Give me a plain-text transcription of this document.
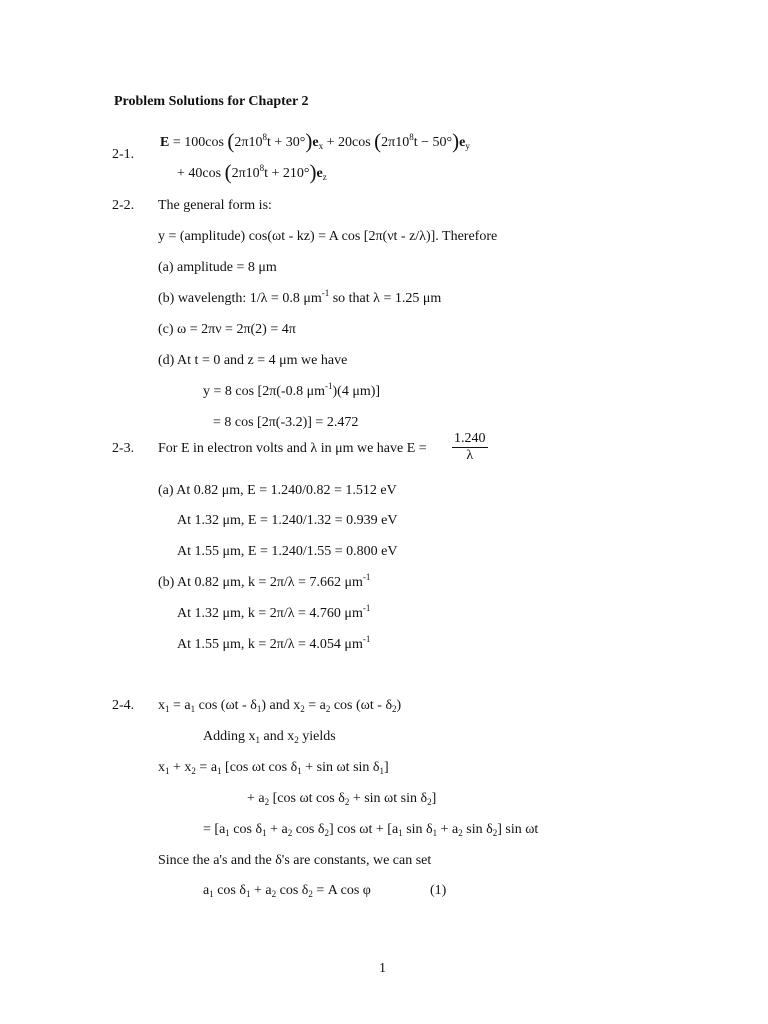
Problem Solutions for Chapter 2
2-1.
E = 100cos $(2\pi 10^8t + 30^\circ)e_x + 20\cos$ $(2\pi 10^8t - 50^\circ)e_y$
+ 40cos $(2\pi 10^8t + 210^\circ)e_z$
2-2. The general form is:
y = (amplitude) cos(ωt - kz) = A cos [2π(νt - z/λ)]. Therefore
(a) amplitude = 8 μm
(b) wavelength: 1/λ = 0.8 $\mu m^{-1}$ so that λ = 1.25 μm
(c) ω = 2πν = 2π(2) = 4π
(d) At t = 0 and z = 4 μm we have
y = 8 cos [2π(-0.8 $\mu m^{-1})(4$ μm)]
= 8 cos [2π(-3.2)] = 2.472
2-3. For E in electron volts and λ in μm we have $E = \frac{1.240}{\lambda}$
(a) At 0.82 μm, E = 1.240/0.82 = 1.512 eV
At 1.32 μm, E = 1.240/1.32 = 0.939 eV
At 1.55 μm, E = 1.240/1.55 = 0.800 eV
(b) At 0.82 μm, k = 2π/λ = 7.662 $\mu m^{-1}$
At 1.32 μm, k = 2π/λ = 4.760 $\mu m^{-1}$
At 1.55 μm, k = 2π/λ = 4.054 $\mu m^{-1}$
2-4. $x_1 = a_1$ $\cos (\omega t - \delta_1)$ and $x_2 = a_2$ $\cos (\omega t - \delta_2)$
Adding $x_1$ and $x_2$ yields
$x_1 + x_2 = a_1$ [cos ωt $\cos \delta_1 + \sin \omega t$ $\sin \delta_1$]
+ $a_2$ [cos ωt $\cos \delta_2 + \sin \omega t$ $\sin \delta_2$]
= [$a_1$ $\cos \delta_1 + a_2$ $\cos \delta_2$] $\cos \omega t + [a_1$ $\sin \delta_1 + a_2$ $\sin \delta_2$] sin ωt
Since the a's and the δ's are constants, we can set
$a_1$ $\cos \delta_1 + a_2$ $\cos \delta_2 = A$ cos φ	(1)
1
